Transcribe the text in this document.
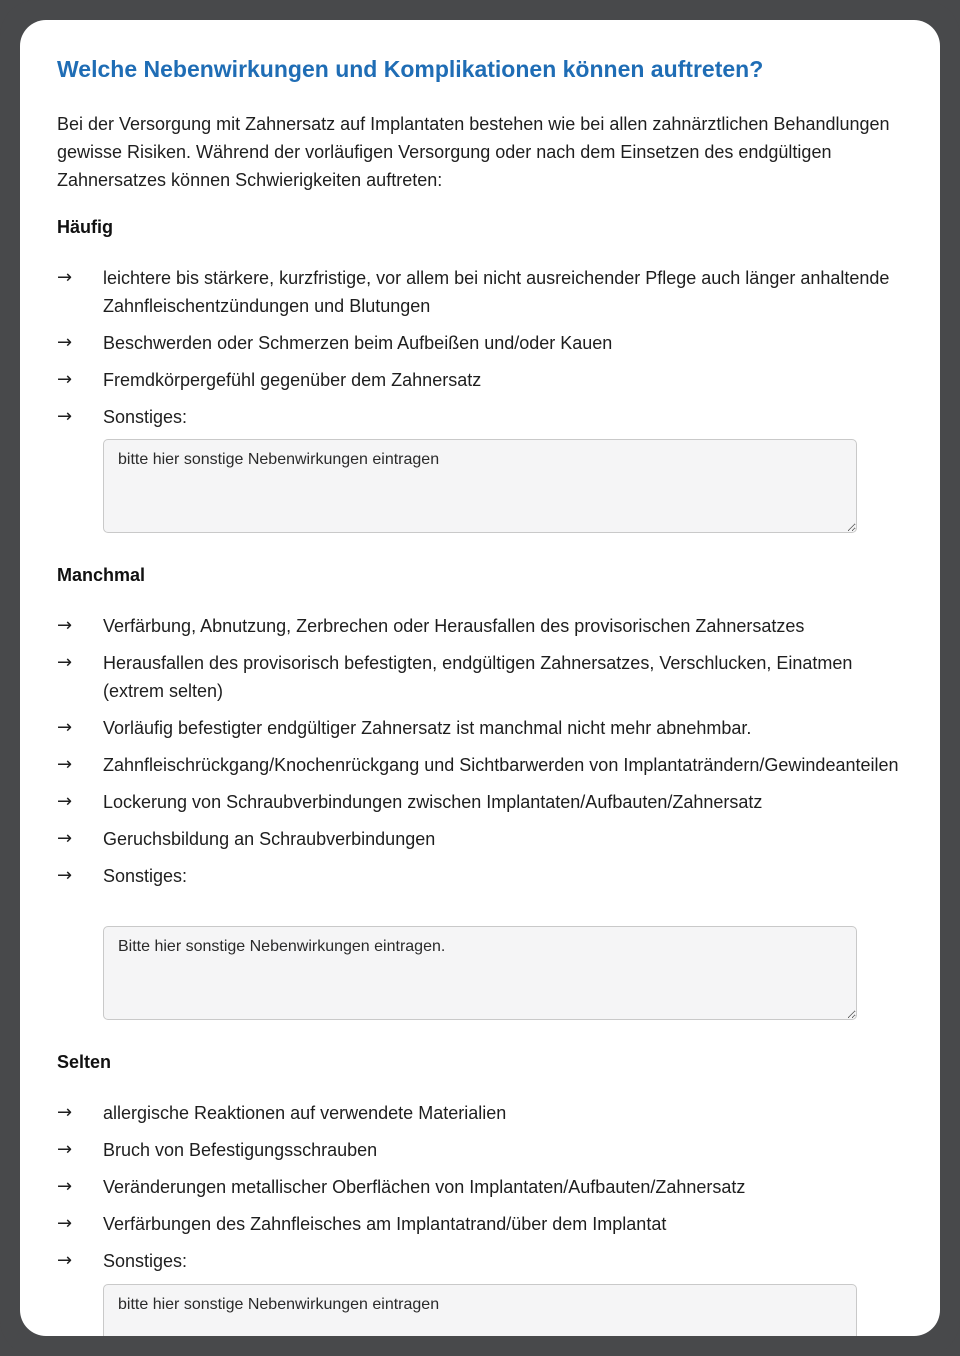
Welche Nebenwirkungen und Komplikationen können auftreten?

Bei der Versorgung mit Zahnersatz auf Implantaten bestehen wie bei allen zahnärztlichen Behandlungen gewisse Risiken. Während der vorläufigen Versorgung oder nach dem Einsetzen des endgültigen Zahnersatzes können Schwierigkeiten auftreten:

Häufig
→ leichtere bis stärkere, kurzfristige, vor allem bei nicht ausreichender Pflege auch länger anhaltende Zahnfleischentzündungen und Blutungen
→ Beschwerden oder Schmerzen beim Aufbeißen und/oder Kauen
→ Fremdkörpergefühl gegenüber dem Zahnersatz
→ Sonstiges:
bitte hier sonstige Nebenwirkungen eintragen
Manchmal
→ Verfärbung, Abnutzung, Zerbrechen oder Herausfallen des provisorischen Zahnersatzes
→ Herausfallen des provisorisch befestigten, endgültigen Zahnersatzes, Verschlucken, Einatmen (extrem selten)
→ Vorläufig befestigter endgültiger Zahnersatz ist manchmal nicht mehr abnehmbar.
→ Zahnfleischrückgang/Knochenrückgang und Sichtbarwerden von Implantaträndern/Gewindeanteilen
→ Lockerung von Schraubverbindungen zwischen Implantaten/Aufbauten/Zahnersatz
→ Geruchsbildung an Schraubverbindungen
→ Sonstiges:
Bitte hier sonstige Nebenwirkungen eintragen.
Selten
→ allergische Reaktionen auf verwendete Materialien
→ Bruch von Befestigungsschrauben
→ Veränderungen metallischer Oberflächen von Implantaten/Aufbauten/Zahnersatz
→ Verfärbungen des Zahnfleisches am Implantatrand/über dem Implantat
→ Sonstiges:
bitte hier sonstige Nebenwirkungen eintragen
